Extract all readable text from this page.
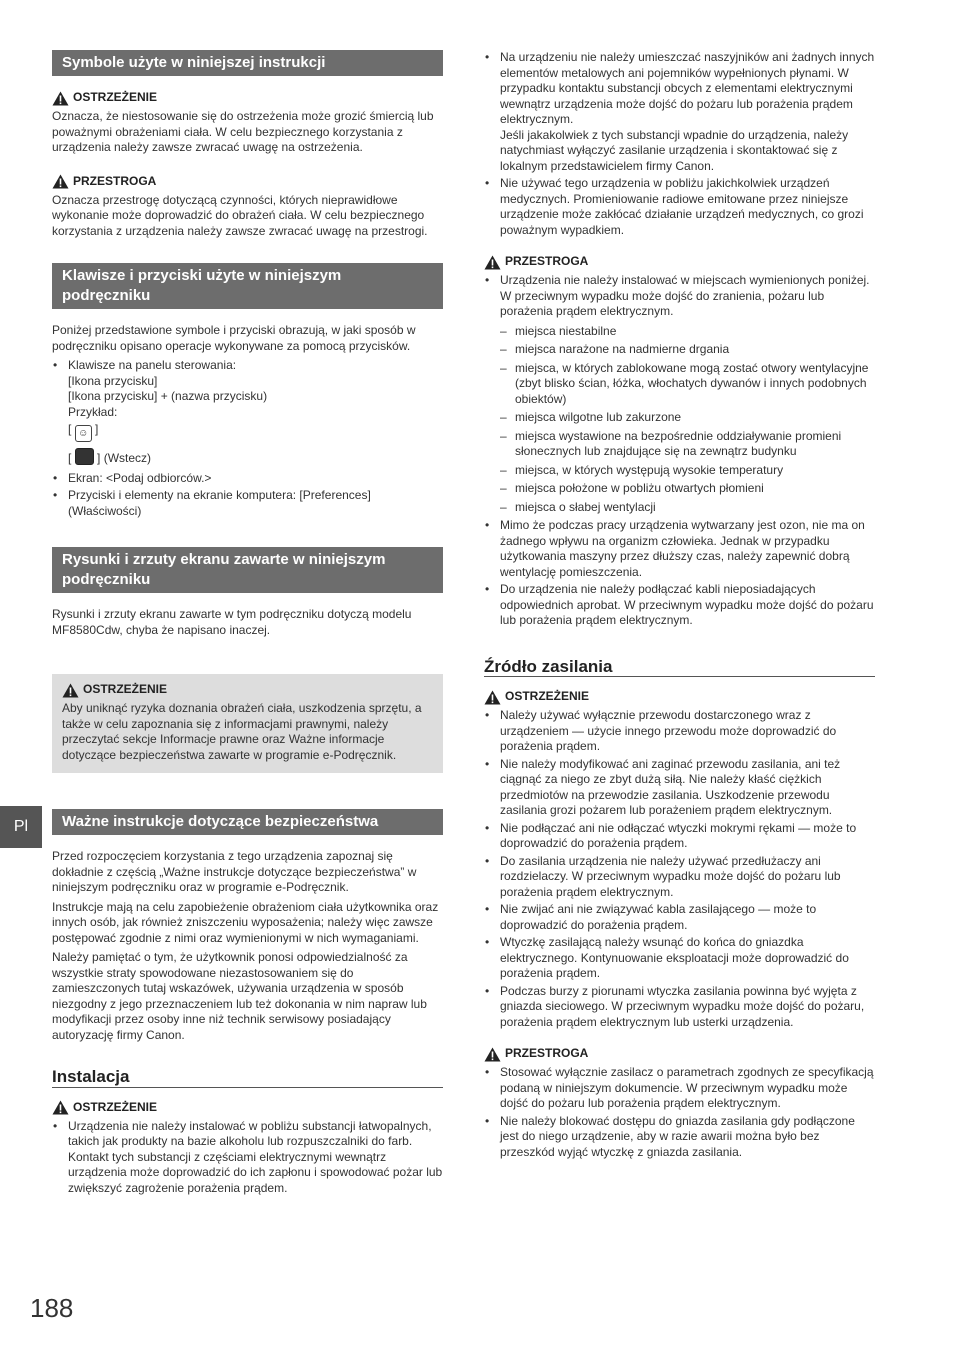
Symbole użyte w niniejszej instrukcji
OSTRZEŻENIE

Oznacza, że niestosowanie się do ostrzeżenia może grozić śmiercią lub poważnymi obrażeniami ciała. W celu bezpiecznego korzystania z urządzenia należy zawsze zwracać uwagę na ostrzeżenia.

PRZESTROGA

Oznacza przestrogę dotyczącą czynności, których nieprawidłowe wykonanie może doprowadzić do obrażeń ciała. W celu bezpiecznego korzystania z urządzenia należy zawsze zwracać uwagę na przestrogi.

Klawisze i przyciski użyte w niniejszym podręczniku

Poniżej przedstawione symbole i przyciski obrazują, w jaki sposób w podręczniku opisano operacje wykonywane za pomocą przycisków.

• Klawisze na panelu sterowania:
[Ikona przycisku]
[Ikona przycisku] + (nazwa przycisku)
Przykład:
[ ☺ ]
[ ] (Wstecz)
• Ekran: <Podaj odbiorców.>
• Przyciski i elementy na ekranie komputera: [Preferences] (Właściwości)
Rysunki i zrzuty ekranu zawarte w niniejszym podręczniku

Rysunki i zrzuty ekranu zawarte w tym podręczniku dotyczą modelu MF8580Cdw, chyba że napisano inaczej.

OSTRZEŻENIE

Aby uniknąć ryzyka doznania obrażeń ciała, uszkodzenia sprzętu, a także w celu zapoznania się z informacjami prawnymi, należy przeczytać sekcje Informacje prawne oraz Ważne informacje dotyczące bezpieczeństwa zawarte w programie e-Podręcznik.

Ważne instrukcje dotyczące bezpieczeństwa

Przed rozpoczęciem korzystania z tego urządzenia zapoznaj się dokładnie z częścią „Ważne instrukcje dotyczące bezpieczeństwa” w niniejszym podręczniku oraz w programie e-Podręcznik.

Instrukcje mają na celu zapobieżenie obrażeniom ciała użytkownika oraz innych osób, jak również zniszczeniu wyposażenia; należy więc zawsze postępować zgodnie z nimi oraz wymienionymi w nich wymaganiami.

Należy pamiętać o tym, że użytkownik ponosi odpowiedzialność za wszystkie straty spowodowane niezastosowaniem się do zamieszczonych tutaj wskazówek, używania urządzenia w sposób niezgodny z jego przeznaczeniem lub też dokonania w nim napraw lub modyfikacji przez osoby inne niż technik serwisowy posiadający autoryzację firmy Canon.

Instalacja
OSTRZEŻENIE
• Urządzenia nie należy instalować w pobliżu substancji łatwopalnych, takich jak produkty na bazie alkoholu lub rozpuszczalniki do farb. Kontakt tych substancji z częściami elektrycznymi wewnątrz urządzenia może doprowadzić do ich zapłonu i spowodować pożar lub zwiększyć zagrożenie porażenia prądem.
• Na urządzeniu nie należy umieszczać naszyjników ani żadnych innych elementów metalowych ani pojemników wypełnionych płynami. W przypadku kontaktu substancji obcych z elementami elektrycznymi wewnątrz urządzenia może dojść do pożaru lub porażenia prądem elektrycznym.
Jeśli jakakolwiek z tych substancji wpadnie do urządzenia, należy natychmiast wyłączyć zasilanie urządzenia i skontaktować się z lokalnym przedstawicielem firmy Canon.
• Nie używać tego urządzenia w pobliżu jakichkolwiek urządzeń medycznych. Promieniowanie radiowe emitowane przez niniejsze urządzenie może zakłócać działanie urządzeń medycznych, co grozi poważnym wypadkiem.
PRZESTROGA
• Urządzenia nie należy instalować w miejscach wymienionych poniżej. W przeciwnym wypadku może dojść do zranienia, pożaru lub porażenia prądem elektrycznym.
– miejsca niestabilne
– miejsca narażone na nadmierne drgania
– miejsca, w których zablokowane mogą zostać otwory wentylacyjne (zbyt blisko ścian, łóżka, włochatych dywanów i innych podobnych obiektów)
– miejsca wilgotne lub zakurzone
– miejsca wystawione na bezpośrednie oddziaływanie promieni słonecznych lub znajdujące się na zewnątrz budynku
– miejsca, w których występują wysokie temperatury
– miejsca położone w pobliżu otwartych płomieni
– miejsca o słabej wentylacji
• Mimo że podczas pracy urządzenia wytwarzany jest ozon, nie ma on żadnego wpływu na organizm człowieka. Jednak w przypadku użytkowania maszyny przez dłuższy czas, należy zapewnić dobrą wentylację pomieszczenia.
• Do urządzenia nie należy podłączać kabli nieposiadających odpowiednich aprobat. W przeciwnym wypadku może dojść do pożaru lub porażenia prądem elektrycznym.
Źródło zasilania
OSTRZEŻENIE
• Należy używać wyłącznie przewodu dostarczonego wraz z urządzeniem — użycie innego przewodu może doprowadzić do porażenia prądem.
• Nie należy modyfikować ani zaginać przewodu zasilania, ani też ciągnąć za niego ze zbyt dużą siłą. Nie należy kłaść ciężkich przedmiotów na przewodzie zasilania. Uszkodzenie przewodu zasilania grozi pożarem lub porażeniem prądem elektrycznym.
• Nie podłączać ani nie odłączać wtyczki mokrymi rękami — może to doprowadzić do porażenia prądem.
• Do zasilania urządzenia nie należy używać przedłużaczy ani rozdzielaczy. W przeciwnym wypadku może dojść do pożaru lub porażenia prądem elektrycznym.
• Nie zwijać ani nie związywać kabla zasilającego — może to doprowadzić do porażenia prądem.
• Wtyczkę zasilającą należy wsunąć do końca do gniazdka elektrycznego. Kontynuowanie eksploatacji może doprowadzić do porażenia prądem.
• Podczas burzy z piorunami wtyczka zasilania powinna być wyjęta z gniazda sieciowego. W przeciwnym wypadku może dojść do pożaru, porażenia prądem elektrycznym lub usterki urządzenia.
PRZESTROGA
• Stosować wyłącznie zasilacz o parametrach zgodnych ze specyfikacją podaną w niniejszym dokumencie. W przeciwnym wypadku może dojść do pożaru lub porażenia prądem elektrycznym.
• Nie należy blokować dostępu do gniazda zasilania gdy podłączone jest do niego urządzenie, aby w razie awarii można było bez przeszkód wyjąć wtyczkę z gniazda zasilania.
Pl
188
